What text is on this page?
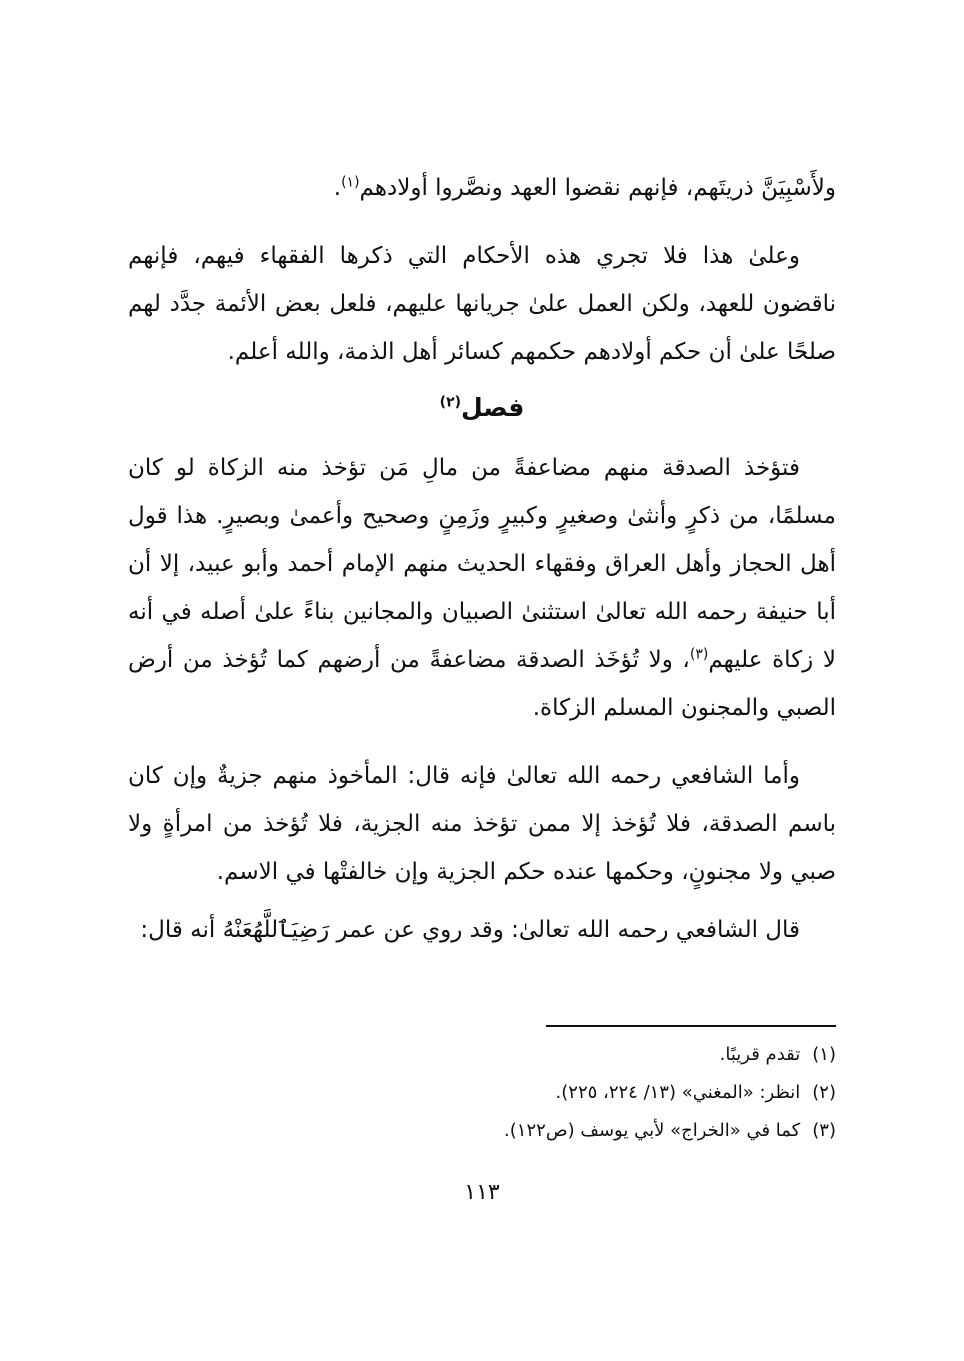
ولأَسْبِيَنَّ ذريتَهم، فإنهم نقضوا العهد ونصَّروا أولادهم$^{(١)}$.

وعلىٰ هذا فلا تجري هذه الأحكام التي ذكرها الفقهاء فيهم، فإنهم ناقضون للعهد، ولكن العمل علىٰ جريانها عليهم، فلعل بعض الأئمة جدَّد لهم صلحًا علىٰ أن حكم أولادهم حكمهم كسائر أهل الذمة، والله أعلم.

فصل$^{(٢)}$

فتؤخذ الصدقة منهم مضاعفةً من مالِ مَن تؤخذ منه الزكاة لو كان مسلمًا، من ذكرٍ وأنثىٰ وصغيرٍ وكبيرٍ وزَمِنٍ وصحيح وأعمىٰ وبصيرٍ. هذا قول أهل الحجاز وأهل العراق وفقهاء الحديث منهم الإمام أحمد وأبو عبيد، إلا أن أبا حنيفة رحمه الله تعالىٰ استثنىٰ الصبيان والمجانين بناءً علىٰ أصله في أنه لا زكاة عليهم$^{(٣)}$، ولا تُؤخَذ الصدقة مضاعفةً من أرضهم كما تُؤخذ من أرض الصبي والمجنون المسلم الزكاة.

وأما الشافعي رحمه الله تعالىٰ فإنه قال: المأخوذ منهم جزيةٌ وإن كان باسم الصدقة، فلا تُؤخذ إلا ممن تؤخذ منه الجزية، فلا تُؤخذ من امرأةٍ ولا صبي ولا مجنونٍ، وحكمها عنده حكم الجزية وإن خالفتْها في الاسم.

قال الشافعي رحمه الله تعالىٰ: وقد روي عن عمر رَضِيَٱللَّهُعَنْهُ أنه قال:

(١)تقدم قريبًا.
(٢)انظر: «المغني» (١٣/ ٢٢٤، ٢٢٥).
(٣)كما في «الخراج» لأبي يوسف (ص١٢٢).
١١٣
